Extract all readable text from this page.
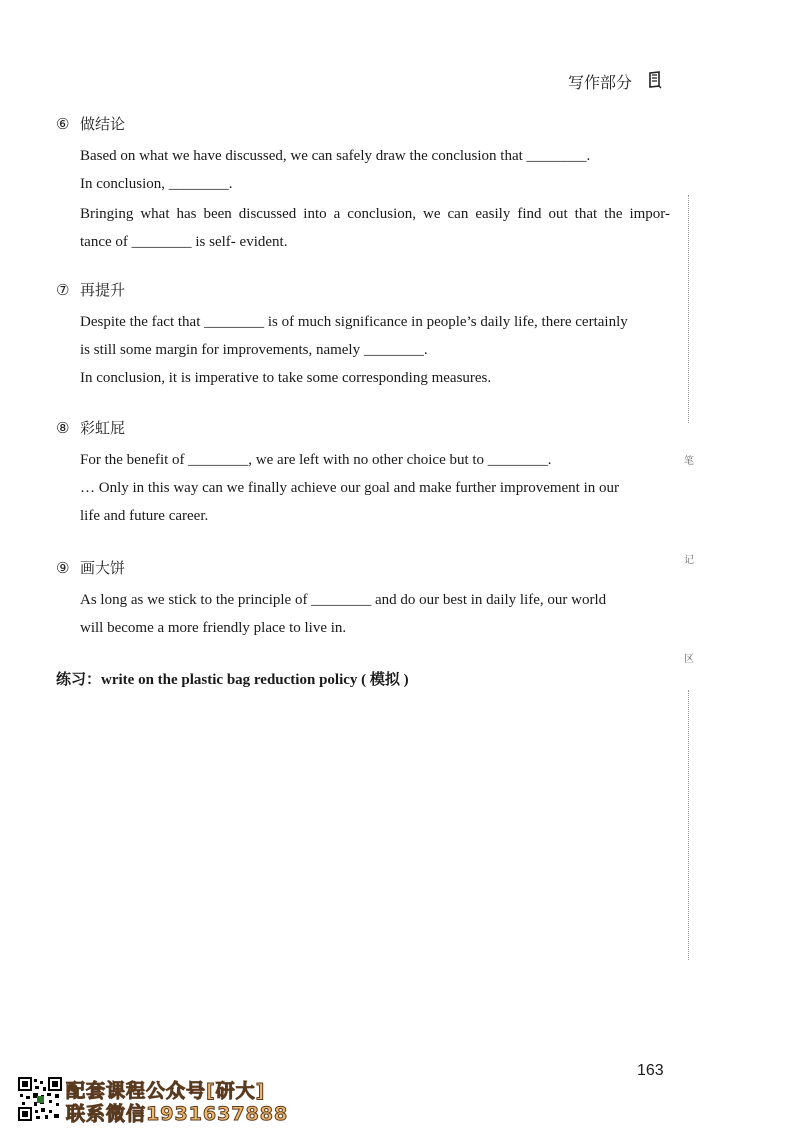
写作部分
⑥ 做结论
Based on what we have discussed, we can safely draw the conclusion that ________.
In conclusion, ________.
Bringing what has been discussed into a conclusion, we can easily find out that the impor-
tance of ________ is self- evident.
⑦ 再提升
Despite the fact that ________ is of much significance in people’s daily life, there certainly
is still some margin for improvements, namely ________.
In conclusion, it is imperative to take some corresponding measures.
⑧ 彩虹屁
For the benefit of ________, we are left with no other choice but to ________.
… Only in this way can we finally achieve our goal and make further improvement in our
life and future career.
⑨ 画大饼
As long as we stick to the principle of ________ and do our best in daily life, our world
will become a more friendly place to live in.
练习：write on the plastic bag reduction policy ( 模拟 )
笔
记
区
163
配套课程公众号[研大]
联系微信1931637888
